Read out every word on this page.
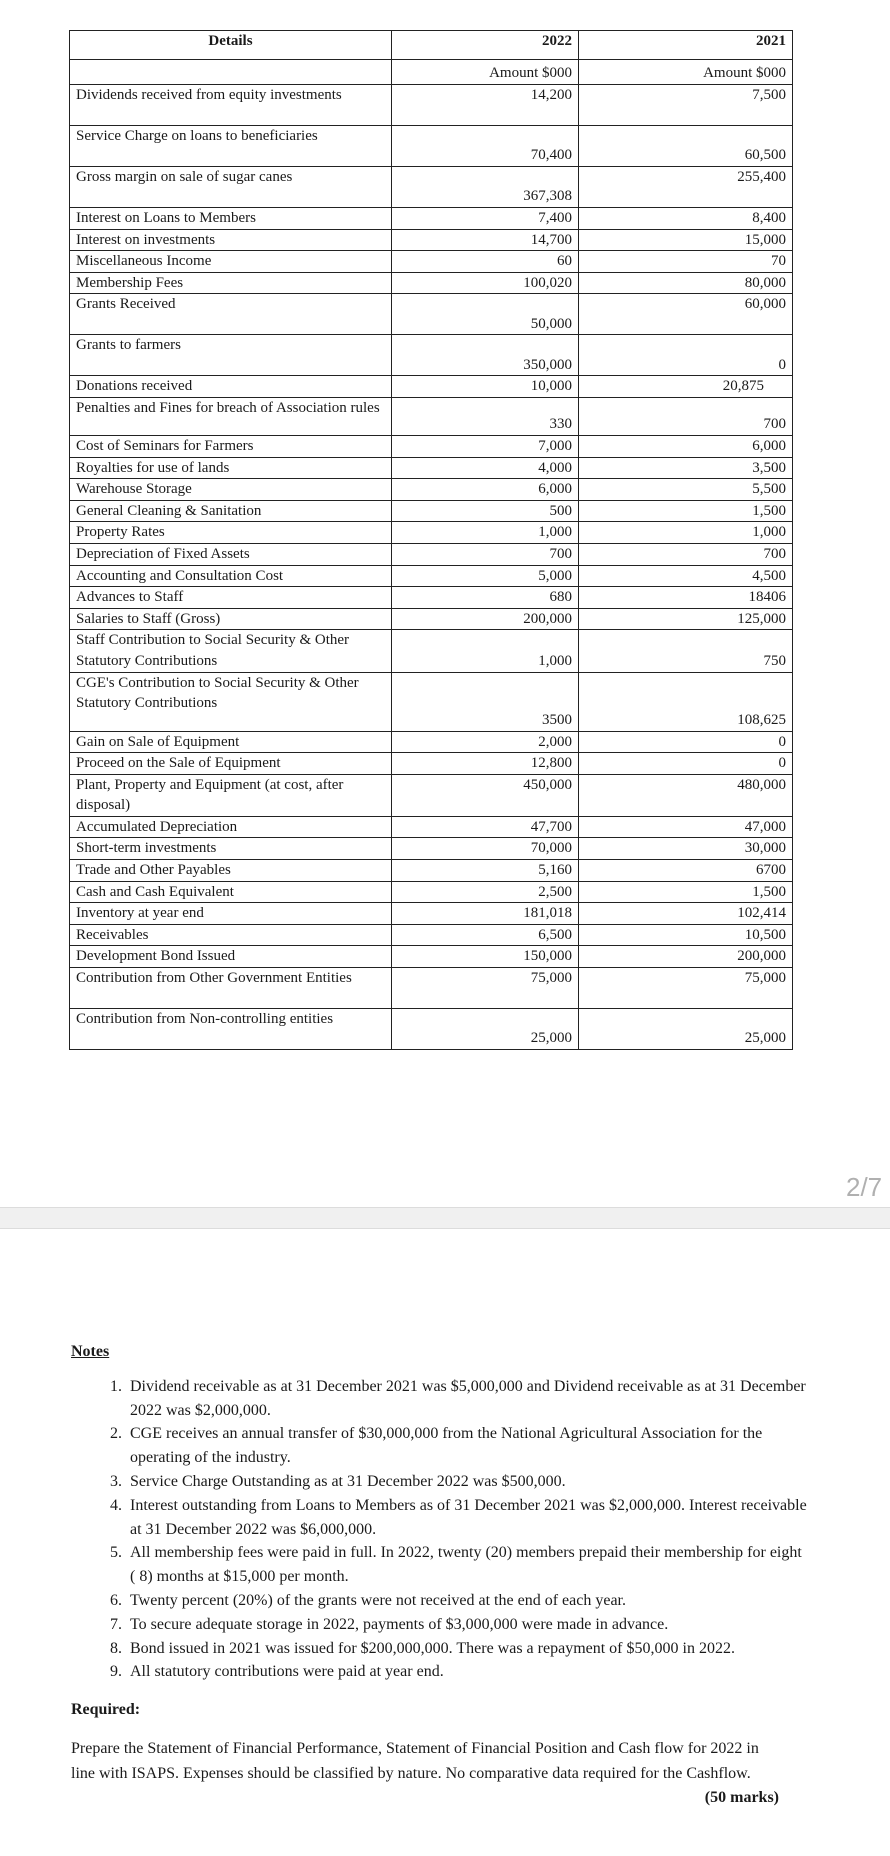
Details	2022	2021
	Amount $000	Amount $000
Dividends received from equity investments	14,200	7,500
Service Charge on loans to beneficiaries	70,400	60,500
Gross margin on sale of sugar canes	367,308	255,400
Interest on Loans to Members	7,400	8,400
Interest on investments	14,700	15,000
Miscellaneous Income	60	70
Membership Fees	100,020	80,000
Grants Received	50,000	60,000
Grants to farmers	350,000	0
Donations received	10,000	20,875
Penalties and Fines for breach of Association rules	330	700
Cost of Seminars for Farmers	7,000	6,000
Royalties for use of lands	4,000	3,500
Warehouse Storage	6,000	5,500
General Cleaning & Sanitation	500	1,500
Property Rates	1,000	1,000
Depreciation of Fixed Assets	700	700
Accounting and Consultation Cost	5,000	4,500
Advances to Staff	680	18406
Salaries to Staff (Gross)	200,000	125,000
Staff Contribution to Social Security & Other Statutory Contributions	1,000	750
CGE's Contribution to Social Security & Other Statutory Contributions	3500	108,625
Gain on Sale of Equipment	2,000	0
Proceed on the Sale of Equipment	12,800	0
Plant, Property and Equipment (at cost, after disposal)	450,000	480,000
Accumulated Depreciation	47,700	47,000
Short-term investments	70,000	30,000
Trade and Other Payables	5,160	6700
Cash and Cash Equivalent	2,500	1,500
Inventory at year end	181,018	102,414
Receivables	6,500	10,500
Development Bond Issued	150,000	200,000
Contribution from Other Government Entities	75,000	75,000
Contribution from Non-controlling entities	25,000	25,000
2/7
Notes
1. Dividend receivable as at 31 December 2021 was $5,000,000 and Dividend receivable as at 31 December 2022 was $2,000,000.
2. CGE receives an annual transfer of $30,000,000 from the National Agricultural Association for the operating of the industry.
3. Service Charge Outstanding as at 31 December 2022 was $500,000.
4. Interest outstanding from Loans to Members as of 31 December 2021 was $2,000,000. Interest receivable at 31 December 2022 was $6,000,000.
5. All membership fees were paid in full. In 2022, twenty (20) members prepaid their membership for eight ( 8) months at $15,000 per month.
6. Twenty percent (20%) of the grants were not received at the end of each year.
7. To secure adequate storage in 2022, payments of $3,000,000 were made in advance.
8. Bond issued in 2021 was issued for $200,000,000. There was a repayment of $50,000 in 2022.
9. All statutory contributions were paid at year end.
Required:
Prepare the Statement of Financial Performance, Statement of Financial Position and Cash flow for 2022 in line with ISAPS. Expenses should be classified by nature. No comparative data required for the Cashflow.
(50 marks)
